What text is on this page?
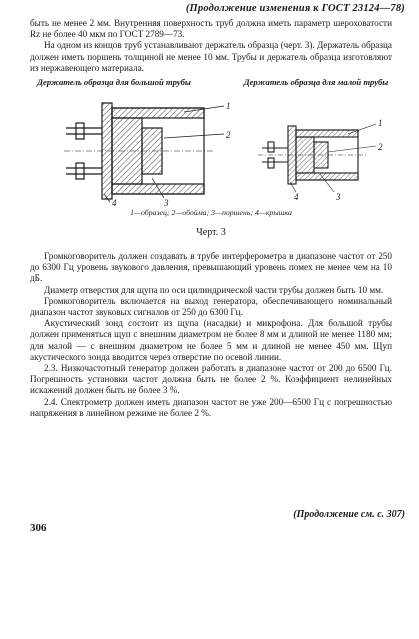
(Продолжение изменения к ГОСТ 23124—78)

быть не менее 2 мм. Внутренняя поверхность труб должна иметь параметр шероховатости Rz не более 40 мкм по ГОСТ 2789—73.

На одном из концов труб устанавливают держатель образца (черт. 3). Держатель образца должен иметь поршень толщиной не менее 10 мм. Трубы и держатель образца изготовляют из нержавеющего материала.

Держатель образца для большой трубы	Держатель образца для малой трубы
1
2
3
4
1
2
3
4
1—образец; 2—обойма; 3—поршень; 4—крышка
Черт. 3

Громкоговоритель должен создавать в трубе интерферометра в диапазоне частот от 250 до 6300 Гц уровень звукового давления, превышающий уровень помех не менее чем на 10 дБ.

Диаметр отверстия для щупа по оси цилиндрической части трубы должен быть 10 мм.

Громкоговоритель включается на выход генератора, обеспечивающего номинальный диапазон частот звуковых сигналов от 250 до 6300 Гц.

Акустический зонд состоит из щупа (насадки) и микрофона. Для большой трубы должен применяться щуп с внешним диаметром не более 8 мм и длиной не менее 1180 мм; для малой — с внешним диаметром не более 5 мм и длиной не менее 450 мм. Щуп акустического зонда вводится через отверстие по осевой линии.

2.3. Низкочастотный генератор должен работать в диапазоне частот от 200 до 6500 Гц. Погрешность установки частот должна быть не более 2 %. Коэффициент нелинейных искажений должен быть не более 3 %.

2.4. Спектрометр должен иметь диапазон частот не уже 200—6500 Гц с погрешностью напряжения в линейном режиме не более 2 %.

(Продолжение см. с. 307)
306
